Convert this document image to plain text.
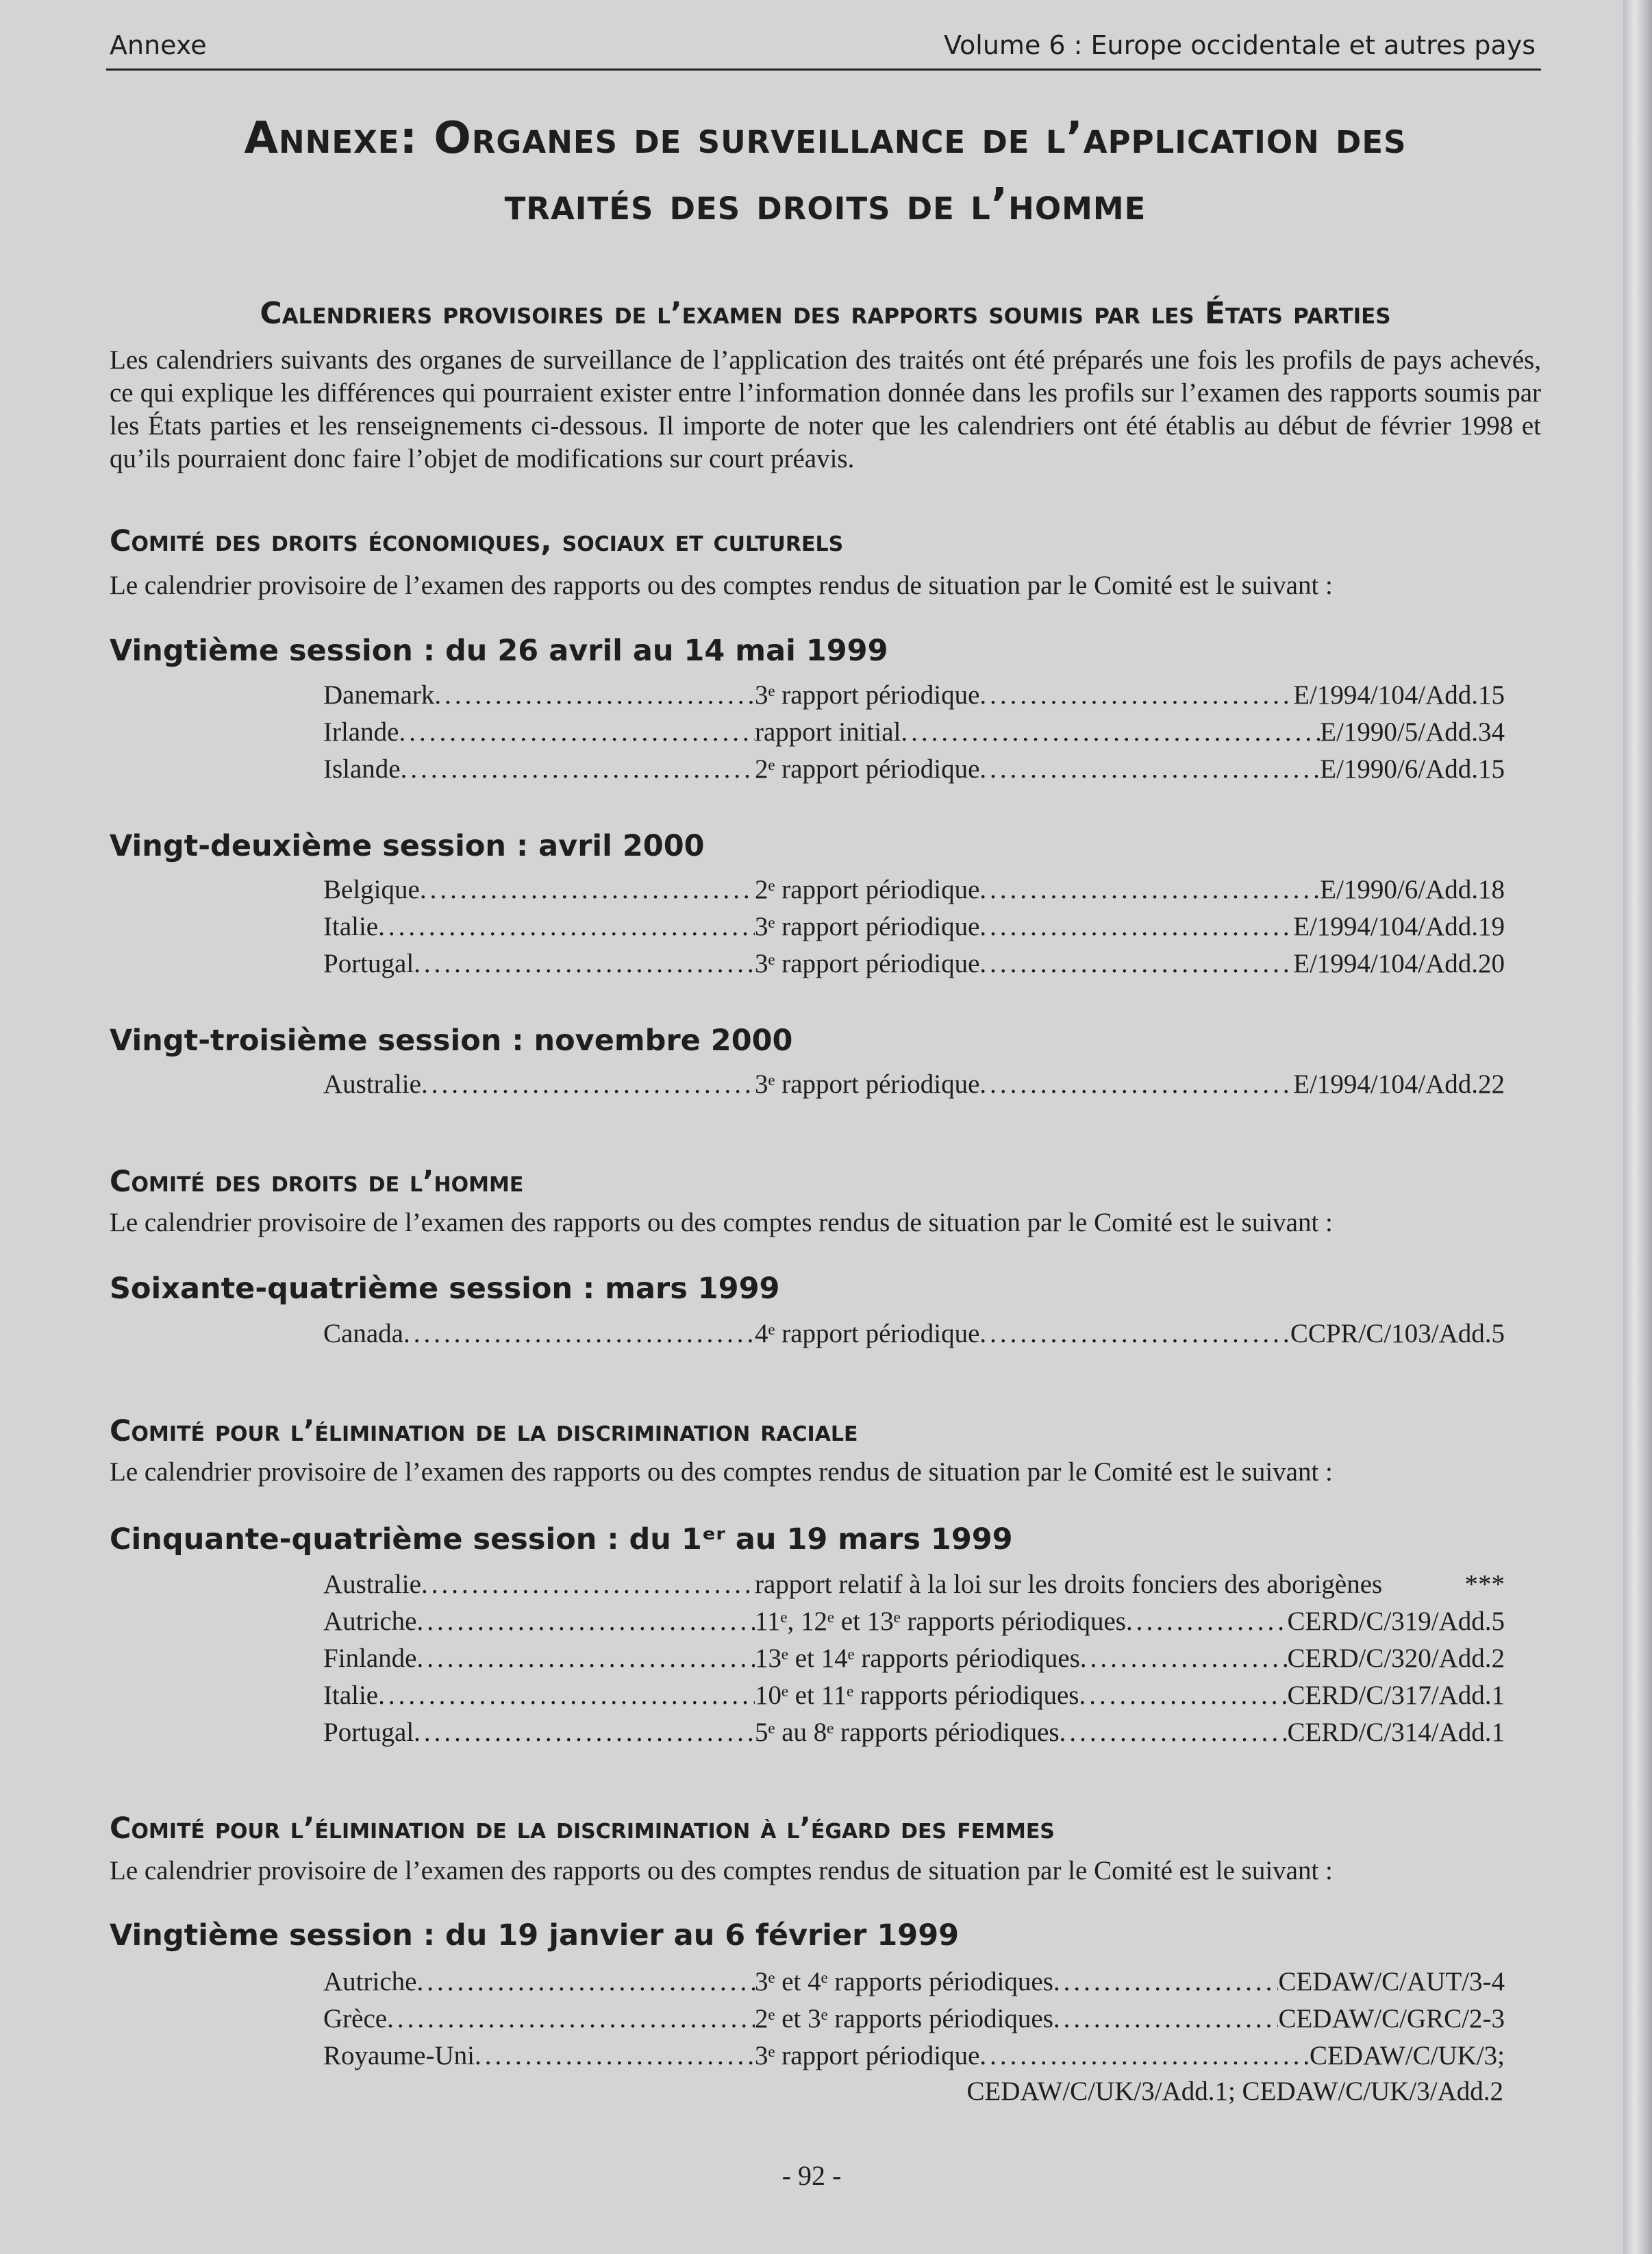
Annexe	Volume 6 : Europe occidentale et autres pays
Annexe: Organes de surveillance de l’application des
traités des droits de l’homme
Calendriers provisoires de l’examen des rapports soumis par les États parties
Les calendriers suivants des organes de surveillance de l’application des traités ont été préparés une fois les profils de pays achevés, ce qui explique les différences qui pourraient exister entre l’information donnée dans les profils sur l’examen des rapports soumis par les États parties et les renseignements ci-dessous. Il importe de noter que les calendriers ont été établis au début de février 1998 et qu’ils pourraient donc faire l’objet de modifications sur court préavis.
Comité des droits économiques, sociaux et culturels
Le calendrier provisoire de l’examen des rapports ou des comptes rendus de situation par le Comité est le suivant :
Vingtième session : du 26 avril au 14 mai 1999
Danemark .....	3ᵉ rapport périodique .....	E/1994/104/Add.15
Irlande .....	rapport initial .....	E/1990/5/Add.34
Islande .....	2ᵉ rapport périodique .....	E/1990/6/Add.15
Vingt-deuxième session : avril 2000
Belgique .....	2ᵉ rapport périodique .....	E/1990/6/Add.18
Italie .....	3ᵉ rapport périodique .....	E/1994/104/Add.19
Portugal .....	3ᵉ rapport périodique .....	E/1994/104/Add.20
Vingt-troisième session : novembre 2000
Australie .....	3ᵉ rapport périodique .....	E/1994/104/Add.22
Comité des droits de l’homme
Le calendrier provisoire de l’examen des rapports ou des comptes rendus de situation par le Comité est le suivant :
Soixante-quatrième session : mars 1999
Canada .....	4ᵉ rapport périodique .....	CCPR/C/103/Add.5
Comité pour l’élimination de la discrimination raciale
Le calendrier provisoire de l’examen des rapports ou des comptes rendus de situation par le Comité est le suivant :
Cinquante-quatrième session : du 1ᵉʳ au 19 mars 1999
Australie .....	rapport relatif à la loi sur les droits fonciers des aborigènes	***
Autriche .....	11ᵉ, 12ᵉ et 13ᵉ rapports périodiques .....	CERD/C/319/Add.5
Finlande .....	13ᵉ et 14ᵉ rapports périodiques .....	CERD/C/320/Add.2
Italie .....	10ᵉ et 11ᵉ rapports périodiques .....	CERD/C/317/Add.1
Portugal .....	5ᵉ au 8ᵉ rapports périodiques .....	CERD/C/314/Add.1
Comité pour l’élimination de la discrimination à l’égard des femmes
Le calendrier provisoire de l’examen des rapports ou des comptes rendus de situation par le Comité est le suivant :
Vingtième session : du 19 janvier au 6 février 1999
Autriche .....	3ᵉ et 4ᵉ rapports périodiques .....	CEDAW/C/AUT/3-4
Grèce .....	2ᵉ et 3ᵉ rapports périodiques .....	CEDAW/C/GRC/2-3
Royaume-Uni .....	3ᵉ rapport périodique .....	CEDAW/C/UK/3;
CEDAW/C/UK/3/Add.1; CEDAW/C/UK/3/Add.2
- 92 -
